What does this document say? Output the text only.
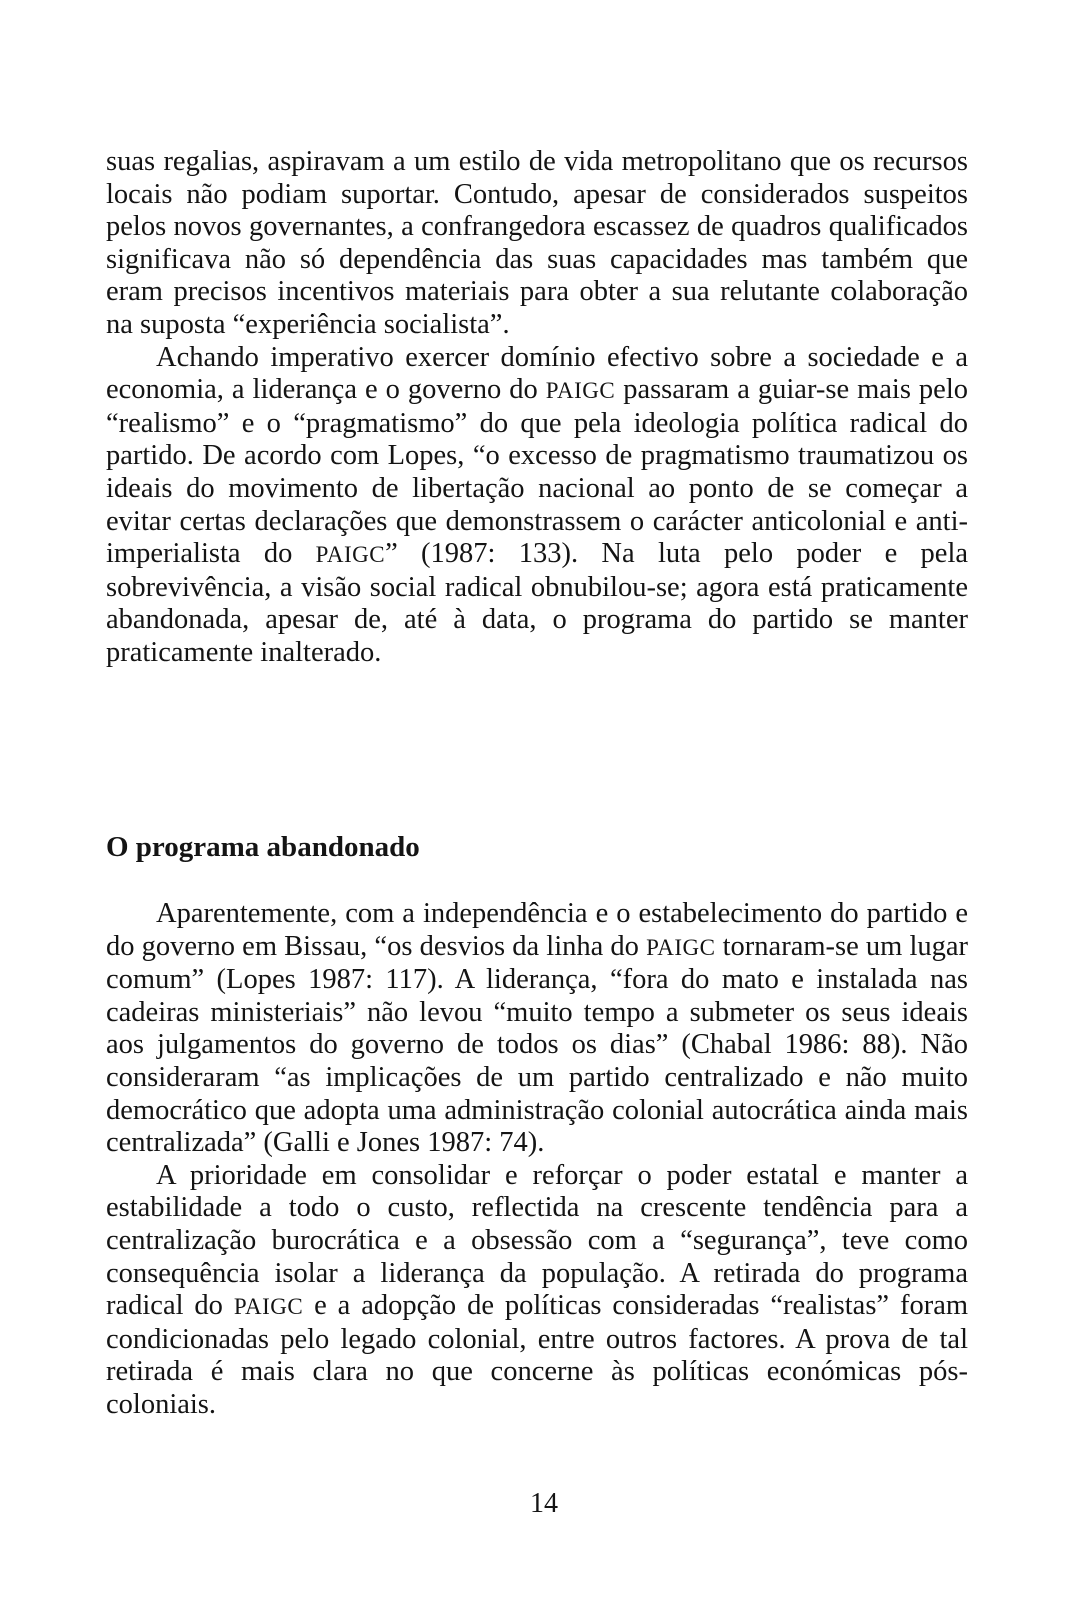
suas regalias, aspiravam a um estilo de vida metropolitano que os recursos locais não podiam suportar. Contudo, apesar de considerados suspeitos pelos novos governantes, a confrangedora escassez de quadros qualificados significava não só dependência das suas capacidades mas também que eram precisos incentivos materiais para obter a sua relutante colaboração na suposta “experiência socialista”.

Achando imperativo exercer domínio efectivo sobre a sociedade e a economia, a liderança e o governo do PAIGC passaram a guiar-se mais pelo “realismo” e o “pragmatismo” do que pela ideologia política radical do partido. De acordo com Lopes, “o excesso de pragmatismo traumatizou os ideais do movimento de libertação nacional ao ponto de se começar a evitar certas declarações que demonstrassem o carácter anticolonial e anti-imperialista do PAIGC” (1987: 133). Na luta pelo poder e pela sobrevivência, a visão social radical obnubilou-se; agora está praticamente abandonada, apesar de, até à data, o programa do partido se manter praticamente inalterado.

O programa abandonado

Aparentemente, com a independência e o estabelecimento do partido e do governo em Bissau, “os desvios da linha do PAIGC tornaram-se um lugar comum” (Lopes 1987: 117). A liderança, “fora do mato e instalada nas cadeiras ministeriais” não levou “muito tempo a submeter os seus ideais aos julgamentos do governo de todos os dias” (Chabal 1986: 88). Não consideraram “as implicações de um partido centralizado e não muito democrático que adopta uma administração colonial autocrática ainda mais centralizada” (Galli e Jones 1987: 74).

A prioridade em consolidar e reforçar o poder estatal e manter a estabilidade a todo o custo, reflectida na crescente tendência para a centralização burocrática e a obsessão com a “segurança”, teve como consequência isolar a liderança da população. A retirada do programa radical do PAIGC e a adopção de políticas consideradas “realistas” foram condicionadas pelo legado colonial, entre outros factores. A prova de tal retirada é mais clara no que concerne às políticas económicas pós-coloniais.

14
